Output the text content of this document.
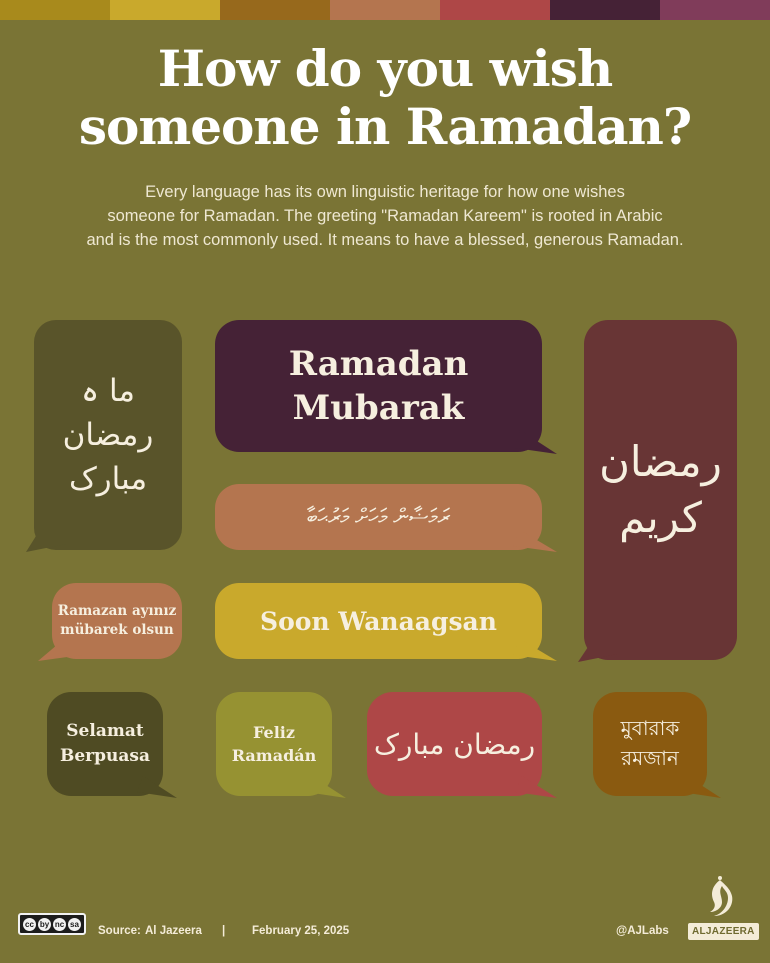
How do you wish
someone in Ramadan?
Every language has its own linguistic heritage for how one wishes
someone for Ramadan. The greeting "Ramadan Kareem" is rooted in Arabic
and is the most commonly used. It means to have a blessed, generous Ramadan.
ما ہ رمضان
مبارک
Ramadan
Mubarak
رمضان
كريم
ރަމަޟާން މަހަށް މަރުޙަބާ
Ramazan ayınız
mübarek olsun	Soon Wanaagsan
Selamat
Berpuasa
Feliz
Ramadán رمضان مبارک	মুবারাক
রমজান
cc by nc sa
Source: Al Jazeera | February 25, 2025	@AJLabs	ALJAZEERA
